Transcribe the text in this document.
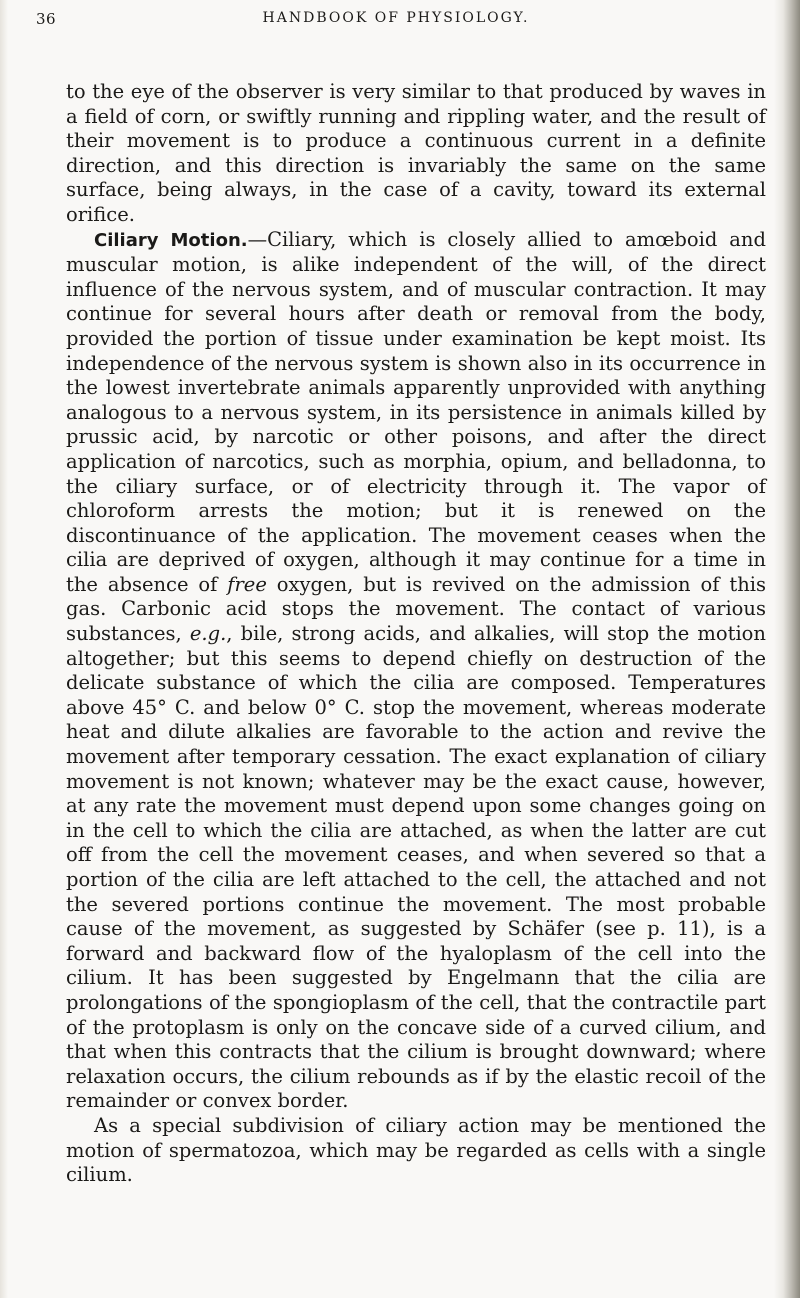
36	HANDBOOK OF PHYSIOLOGY.

to the eye of the observer is very similar to that produced by waves in a field of corn, or swiftly running and rippling water, and the result of their movement is to produce a continuous current in a definite direction, and this direction is invariably the same on the same surface, being always, in the case of a cavity, toward its external orifice.

Ciliary Motion.—Ciliary, which is closely allied to amœboid and muscular motion, is alike independent of the will, of the direct influence of the nervous system, and of muscular contraction. It may continue for several hours after death or removal from the body, provided the portion of tissue under examination be kept moist. Its independence of the nervous system is shown also in its occurrence in the lowest invertebrate animals apparently unprovided with anything analogous to a nervous system, in its persistence in animals killed by prussic acid, by narcotic or other poisons, and after the direct application of narcotics, such as morphia, opium, and belladonna, to the ciliary surface, or of electricity through it. The vapor of chloroform arrests the motion; but it is renewed on the discontinuance of the application. The movement ceases when the cilia are deprived of oxygen, although it may continue for a time in the absence of free oxygen, but is revived on the admission of this gas. Carbonic acid stops the movement. The contact of various substances, e.g., bile, strong acids, and alkalies, will stop the motion altogether; but this seems to depend chiefly on destruction of the delicate substance of which the cilia are composed. Temperatures above 45° C. and below 0° C. stop the movement, whereas moderate heat and dilute alkalies are favorable to the action and revive the movement after temporary cessation. The exact explanation of ciliary movement is not known; whatever may be the exact cause, however, at any rate the movement must depend upon some changes going on in the cell to which the cilia are attached, as when the latter are cut off from the cell the movement ceases, and when severed so that a portion of the cilia are left attached to the cell, the attached and not the severed portions continue the movement. The most probable cause of the movement, as suggested by Schäfer (see p. 11), is a forward and backward flow of the hyaloplasm of the cell into the cilium. It has been suggested by Engelmann that the cilia are prolongations of the spongioplasm of the cell, that the contractile part of the protoplasm is only on the concave side of a curved cilium, and that when this contracts that the cilium is brought downward; where relaxation occurs, the cilium rebounds as if by the elastic recoil of the remainder or convex border.

As a special subdivision of ciliary action may be mentioned the motion of spermatozoa, which may be regarded as cells with a single cilium.
